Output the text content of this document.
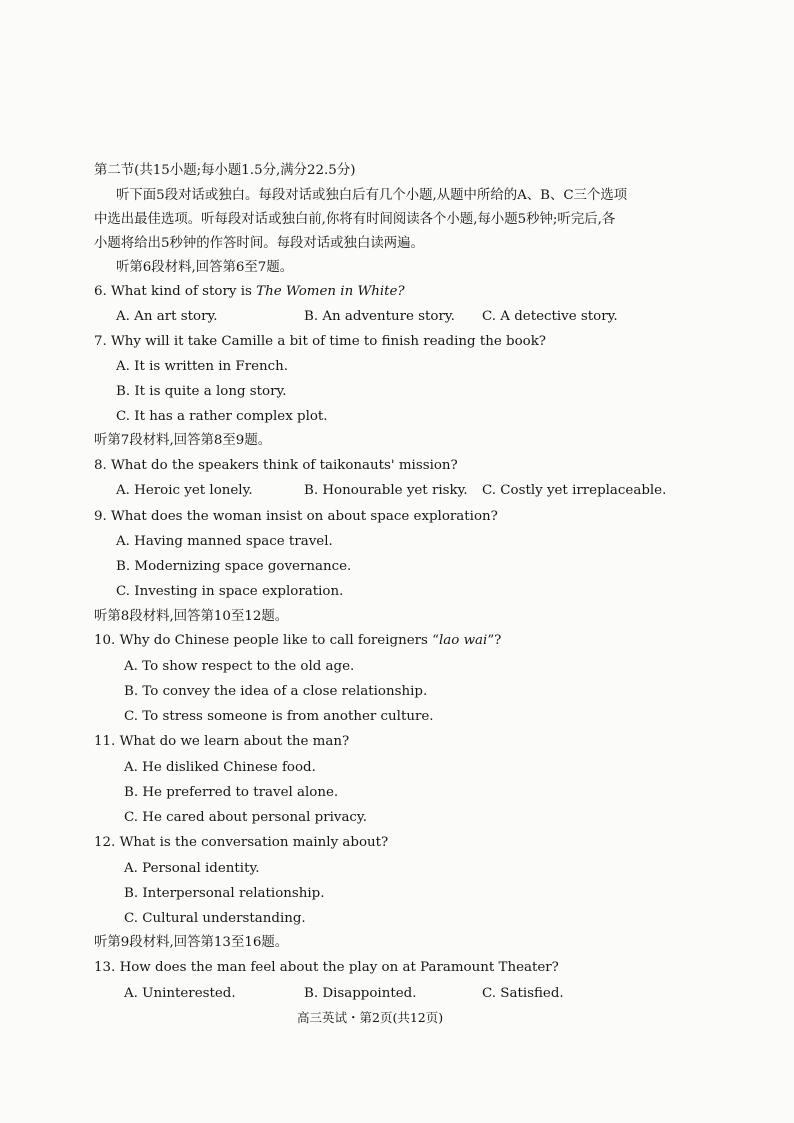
第二节(共15小题;每小题1.5分,满分22.5分)
听下面5段对话或独白。每段对话或独白后有几个小题,从题中所给的A、B、C三个选项
中选出最佳选项。听每段对话或独白前,你将有时间阅读各个小题,每小题5秒钟;听完后,各
小题将给出5秒钟的作答时间。每段对话或独白读两遍。
听第6段材料,回答第6至7题。
6. What kind of story is The Women in White?
A. An art story.	B. An adventure story. C. A detective story.
7. Why will it take Camille a bit of time to finish reading the book?
A. It is written in French.
B. It is quite a long story.
C. It has a rather complex plot.
听第7段材料,回答第8至9题。
8. What do the speakers think of taikonauts' mission?
A. Heroic yet lonely.	B. Honourable yet risky. C. Costly yet irreplaceable.
9. What does the woman insist on about space exploration?
A. Having manned space travel.
B. Modernizing space governance.
C. Investing in space exploration.
听第8段材料,回答第10至12题。
10. Why do Chinese people like to call foreigners “lao wai”?
A. To show respect to the old age.
B. To convey the idea of a close relationship.
C. To stress someone is from another culture.
11. What do we learn about the man?
A. He disliked Chinese food.
B. He preferred to travel alone.
C. He cared about personal privacy.
12. What is the conversation mainly about?
A. Personal identity.
B. Interpersonal relationship.
C. Cultural understanding.
听第9段材料,回答第13至16题。
13. How does the man feel about the play on at Paramount Theater?
A. Uninterested.	B. Disappointed.	C. Satisfied.
高三英试・第2页(共12页)
